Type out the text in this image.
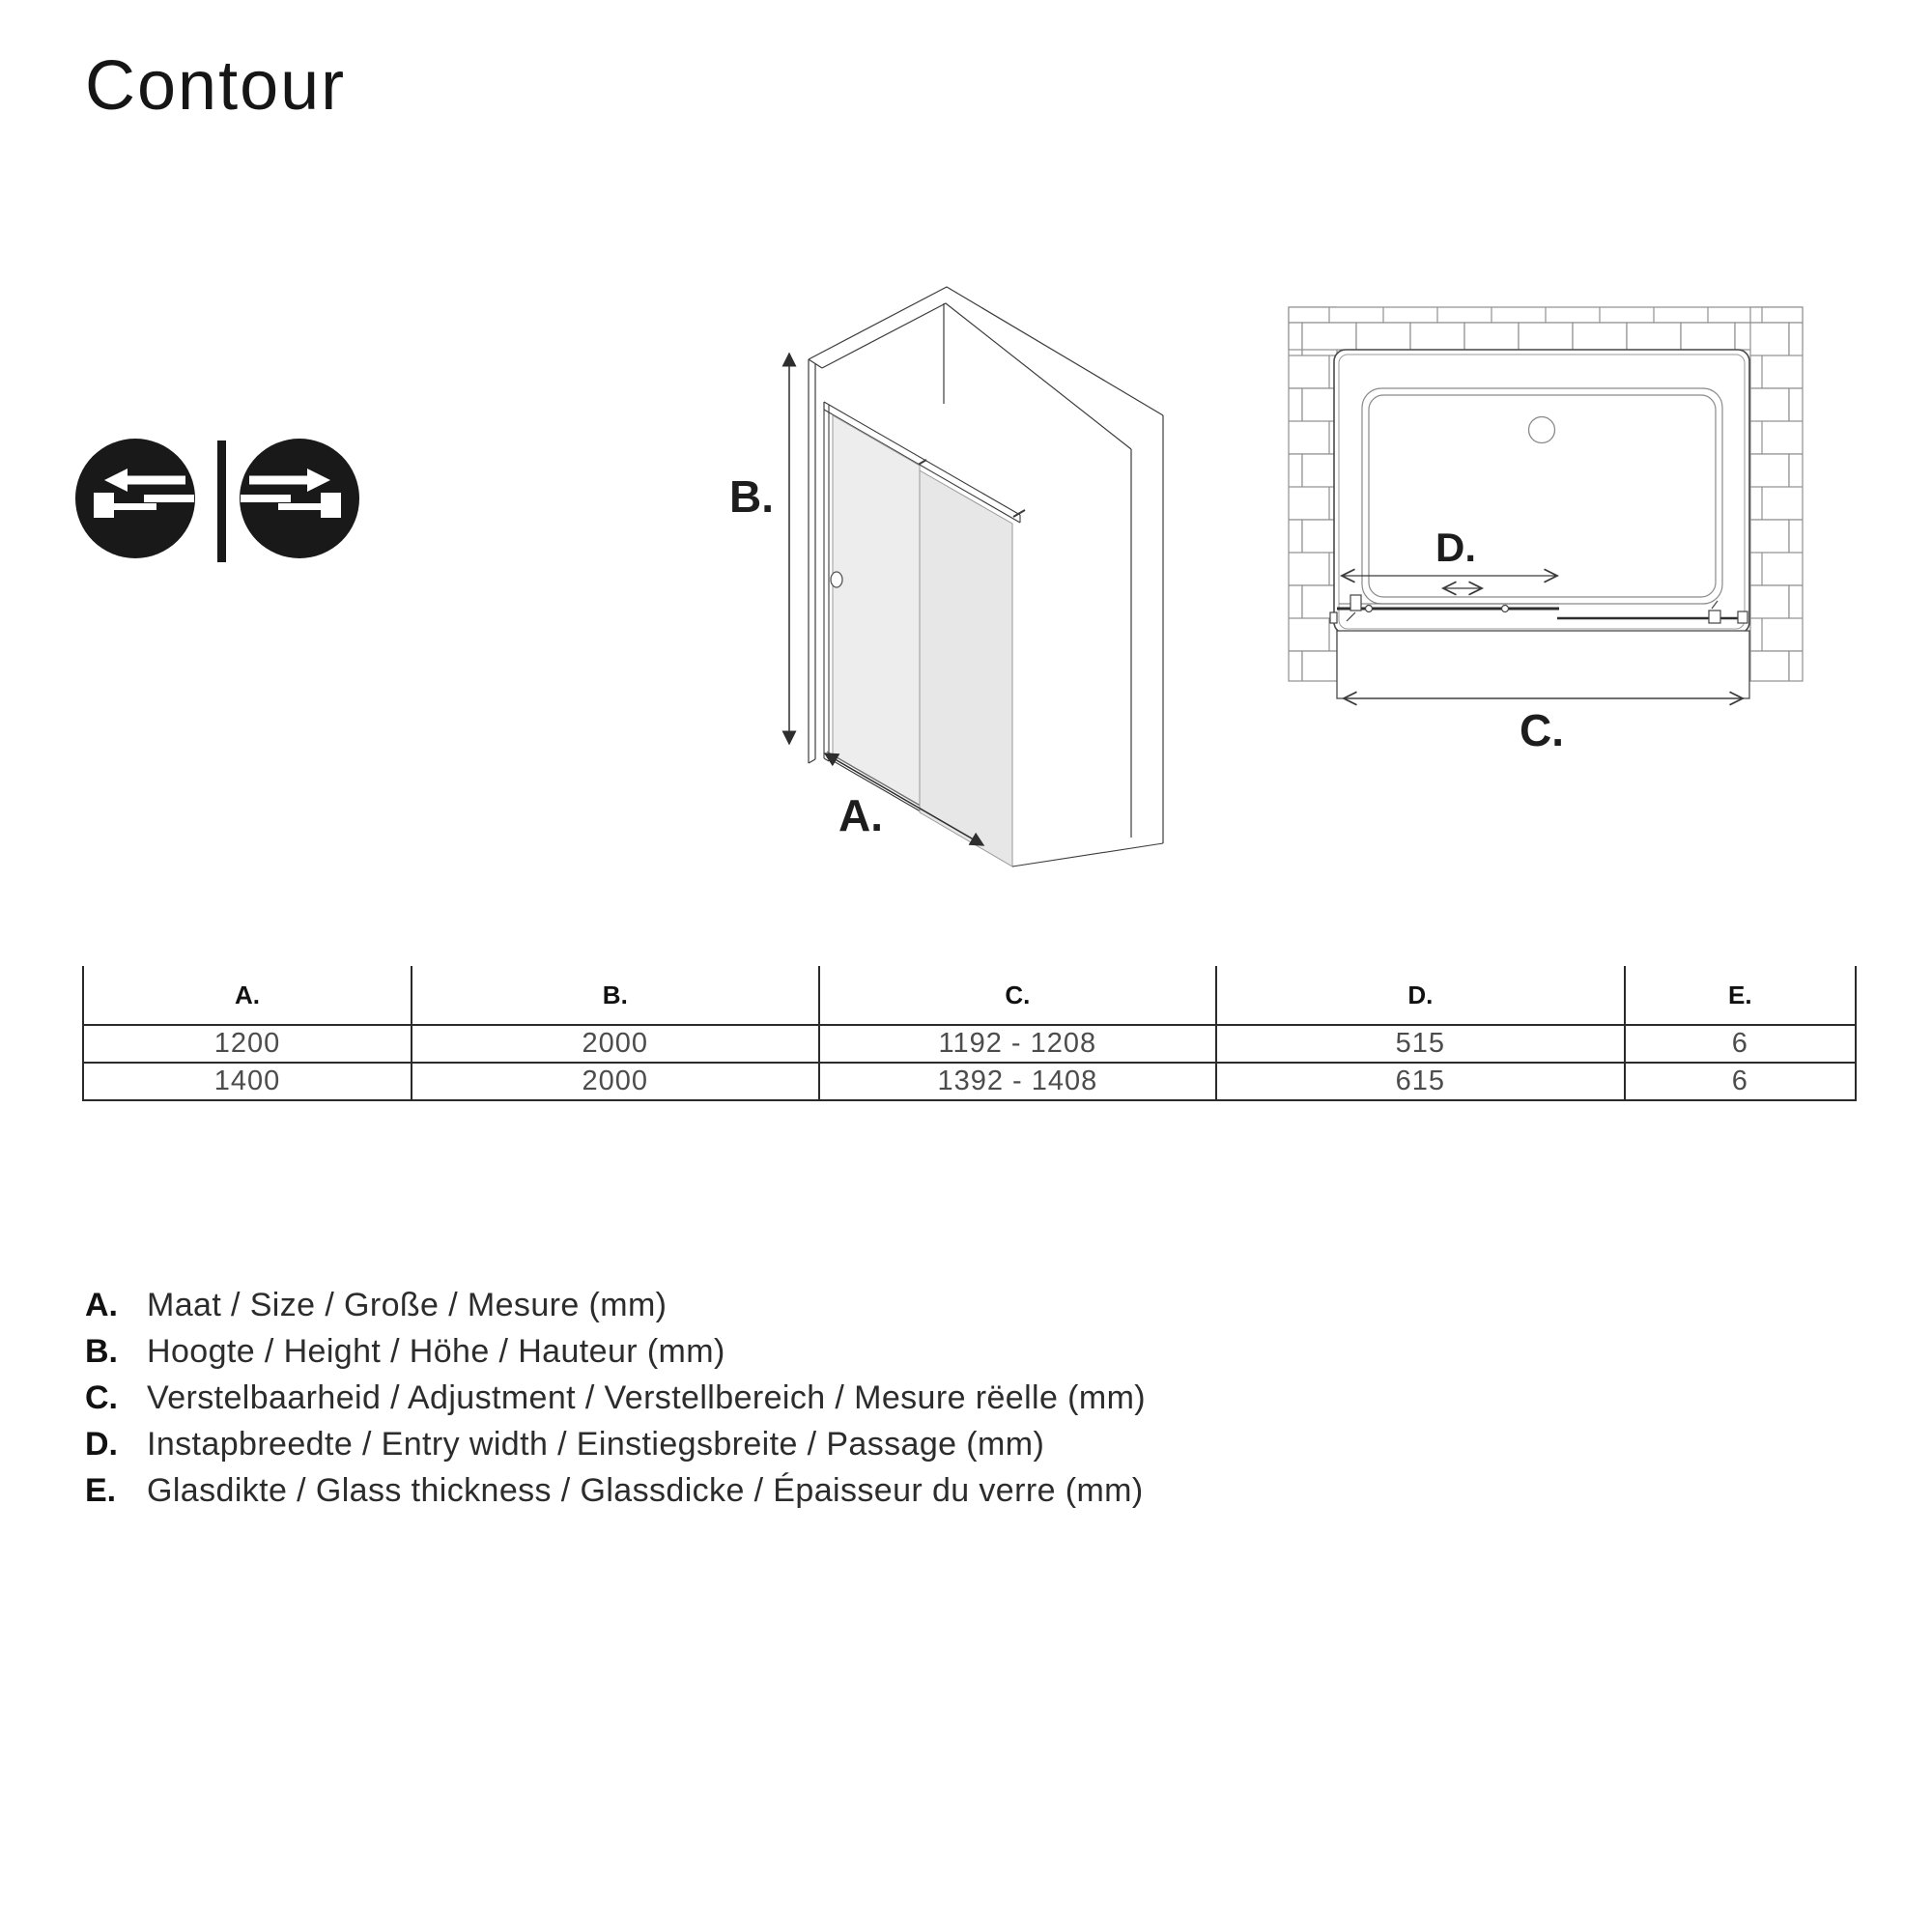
Contour
B.
A.
D.
C.
A.	B.	C.	D.	E.
1200	2000	1192 - 1208	515	6
1400	2000	1392 - 1408	615	6
A. Maat / Size / Große / Mesure (mm)
B. Hoogte / Height / Höhe / Hauteur (mm)
C. Verstelbaarheid / Adjustment / Verstellbereich / Mesure rëelle (mm)
D. Instapbreedte / Entry width / Einstiegsbreite / Passage (mm)
E. Glasdikte / Glass thickness / Glassdicke / Épaisseur du verre (mm)
